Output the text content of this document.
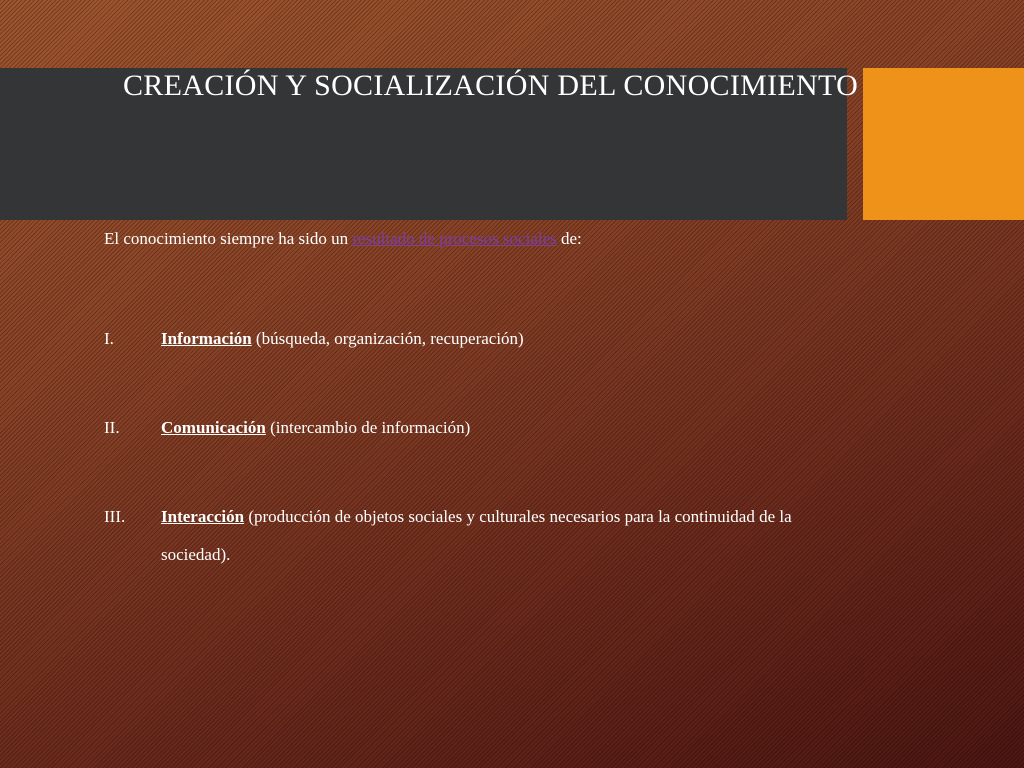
CREACIÓN Y SOCIALIZACIÓN DEL CONOCIMIENTO

El conocimiento siempre ha sido un resultado de procesos sociales de:

I.	Información (búsqueda, organización, recuperación)
II. Comunicación (intercambio de información)
III. Interacción (producción de objetos sociales y culturales necesarios para la continuidad de la sociedad).
